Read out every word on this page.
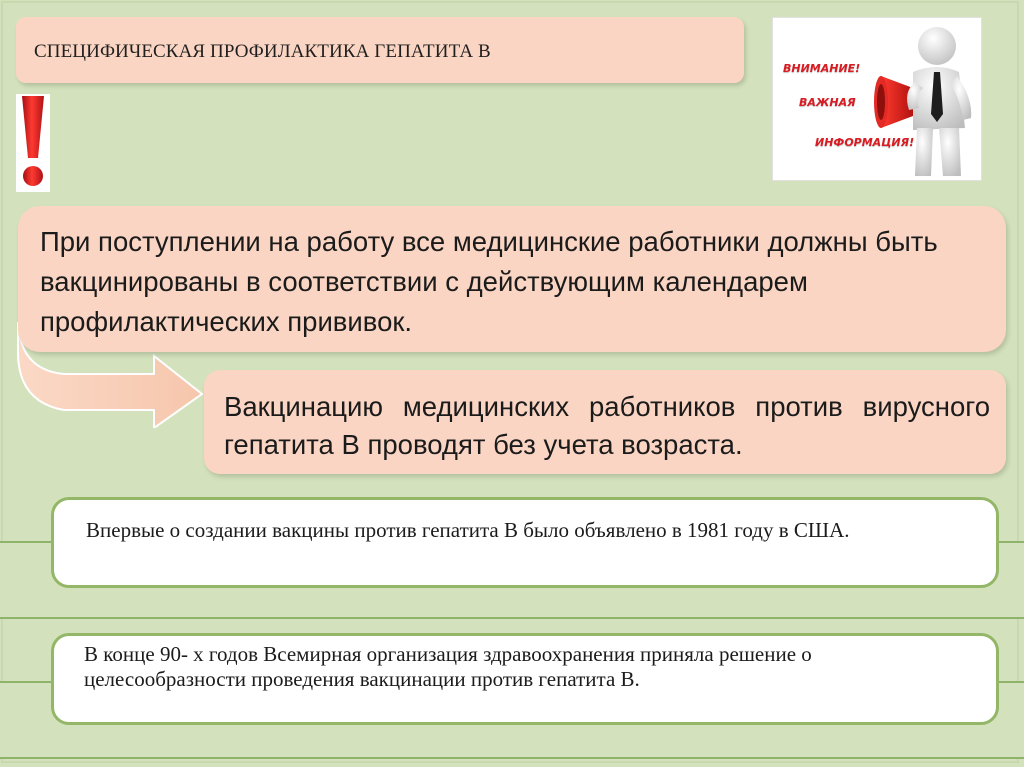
СПЕЦИФИЧЕСКАЯ ПРОФИЛАКТИКА ГЕПАТИТА В
ВНИМАНИЕ!
ВАЖНАЯ
ИНФОРМАЦИЯ!
При поступлении на работу все медицинские работники должны быть вакцинированы в соответствии с действующим календарем профилактических прививок.
Вакцинацию медицинских работников против вирусного гепатита В проводят без учета возраста.
Впервые о создании вакцины против гепатита В было объявлено в 1981 году в США.
В конце 90- х годов Всемирная организация здравоохранения приняла решение о целесообразности проведения вакцинации против гепатита В.
